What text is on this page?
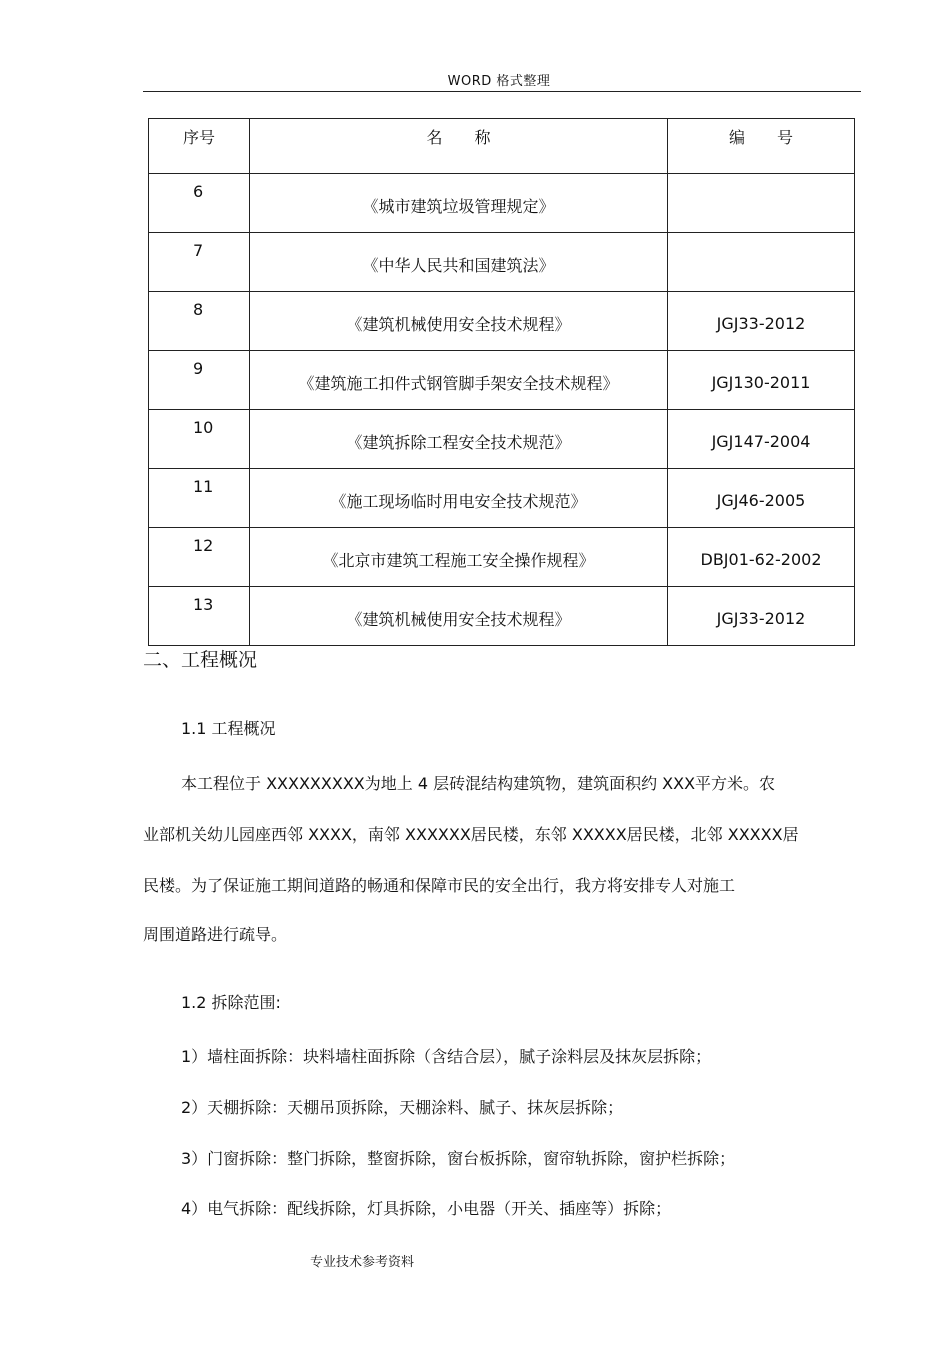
WORD 格式整理
序号	名　　称	编　　号
6	《城市建筑垃圾管理规定》	
7	《中华人民共和国建筑法》	
8	《建筑机械使用安全技术规程》	JGJ33-2012
9	《建筑施工扣件式钢管脚手架安全技术规程》	JGJ130-2011
10	《建筑拆除工程安全技术规范》	JGJ147-2004
11	《施工现场临时用电安全技术规范》	JGJ46-2005
12	《北京市建筑工程施工安全操作规程》	DBJ01-62-2002
13	《建筑机械使用安全技术规程》	JGJ33-2012
二、工程概况
1.1 工程概况
本工程位于 XXXXXXXXX为地上 4 层砖混结构建筑物，建筑面积约 XXX平方米。农
业部机关幼儿园座西邻 XXXX，南邻 XXXXXX居民楼，东邻 XXXXX居民楼，北邻 XXXXX居
民楼。为了保证施工期间道路的畅通和保障市民的安全出行，我方将安排专人对施工
周围道路进行疏导。
1.2 拆除范围:
1）墙柱面拆除：块料墙柱面拆除（含结合层），腻子涂料层及抹灰层拆除；
2）天棚拆除：天棚吊顶拆除，天棚涂料、腻子、抹灰层拆除；
3）门窗拆除：整门拆除，整窗拆除，窗台板拆除，窗帘轨拆除，窗护栏拆除；
4）电气拆除：配线拆除，灯具拆除，小电器（开关、插座等）拆除；
专业技术参考资料
